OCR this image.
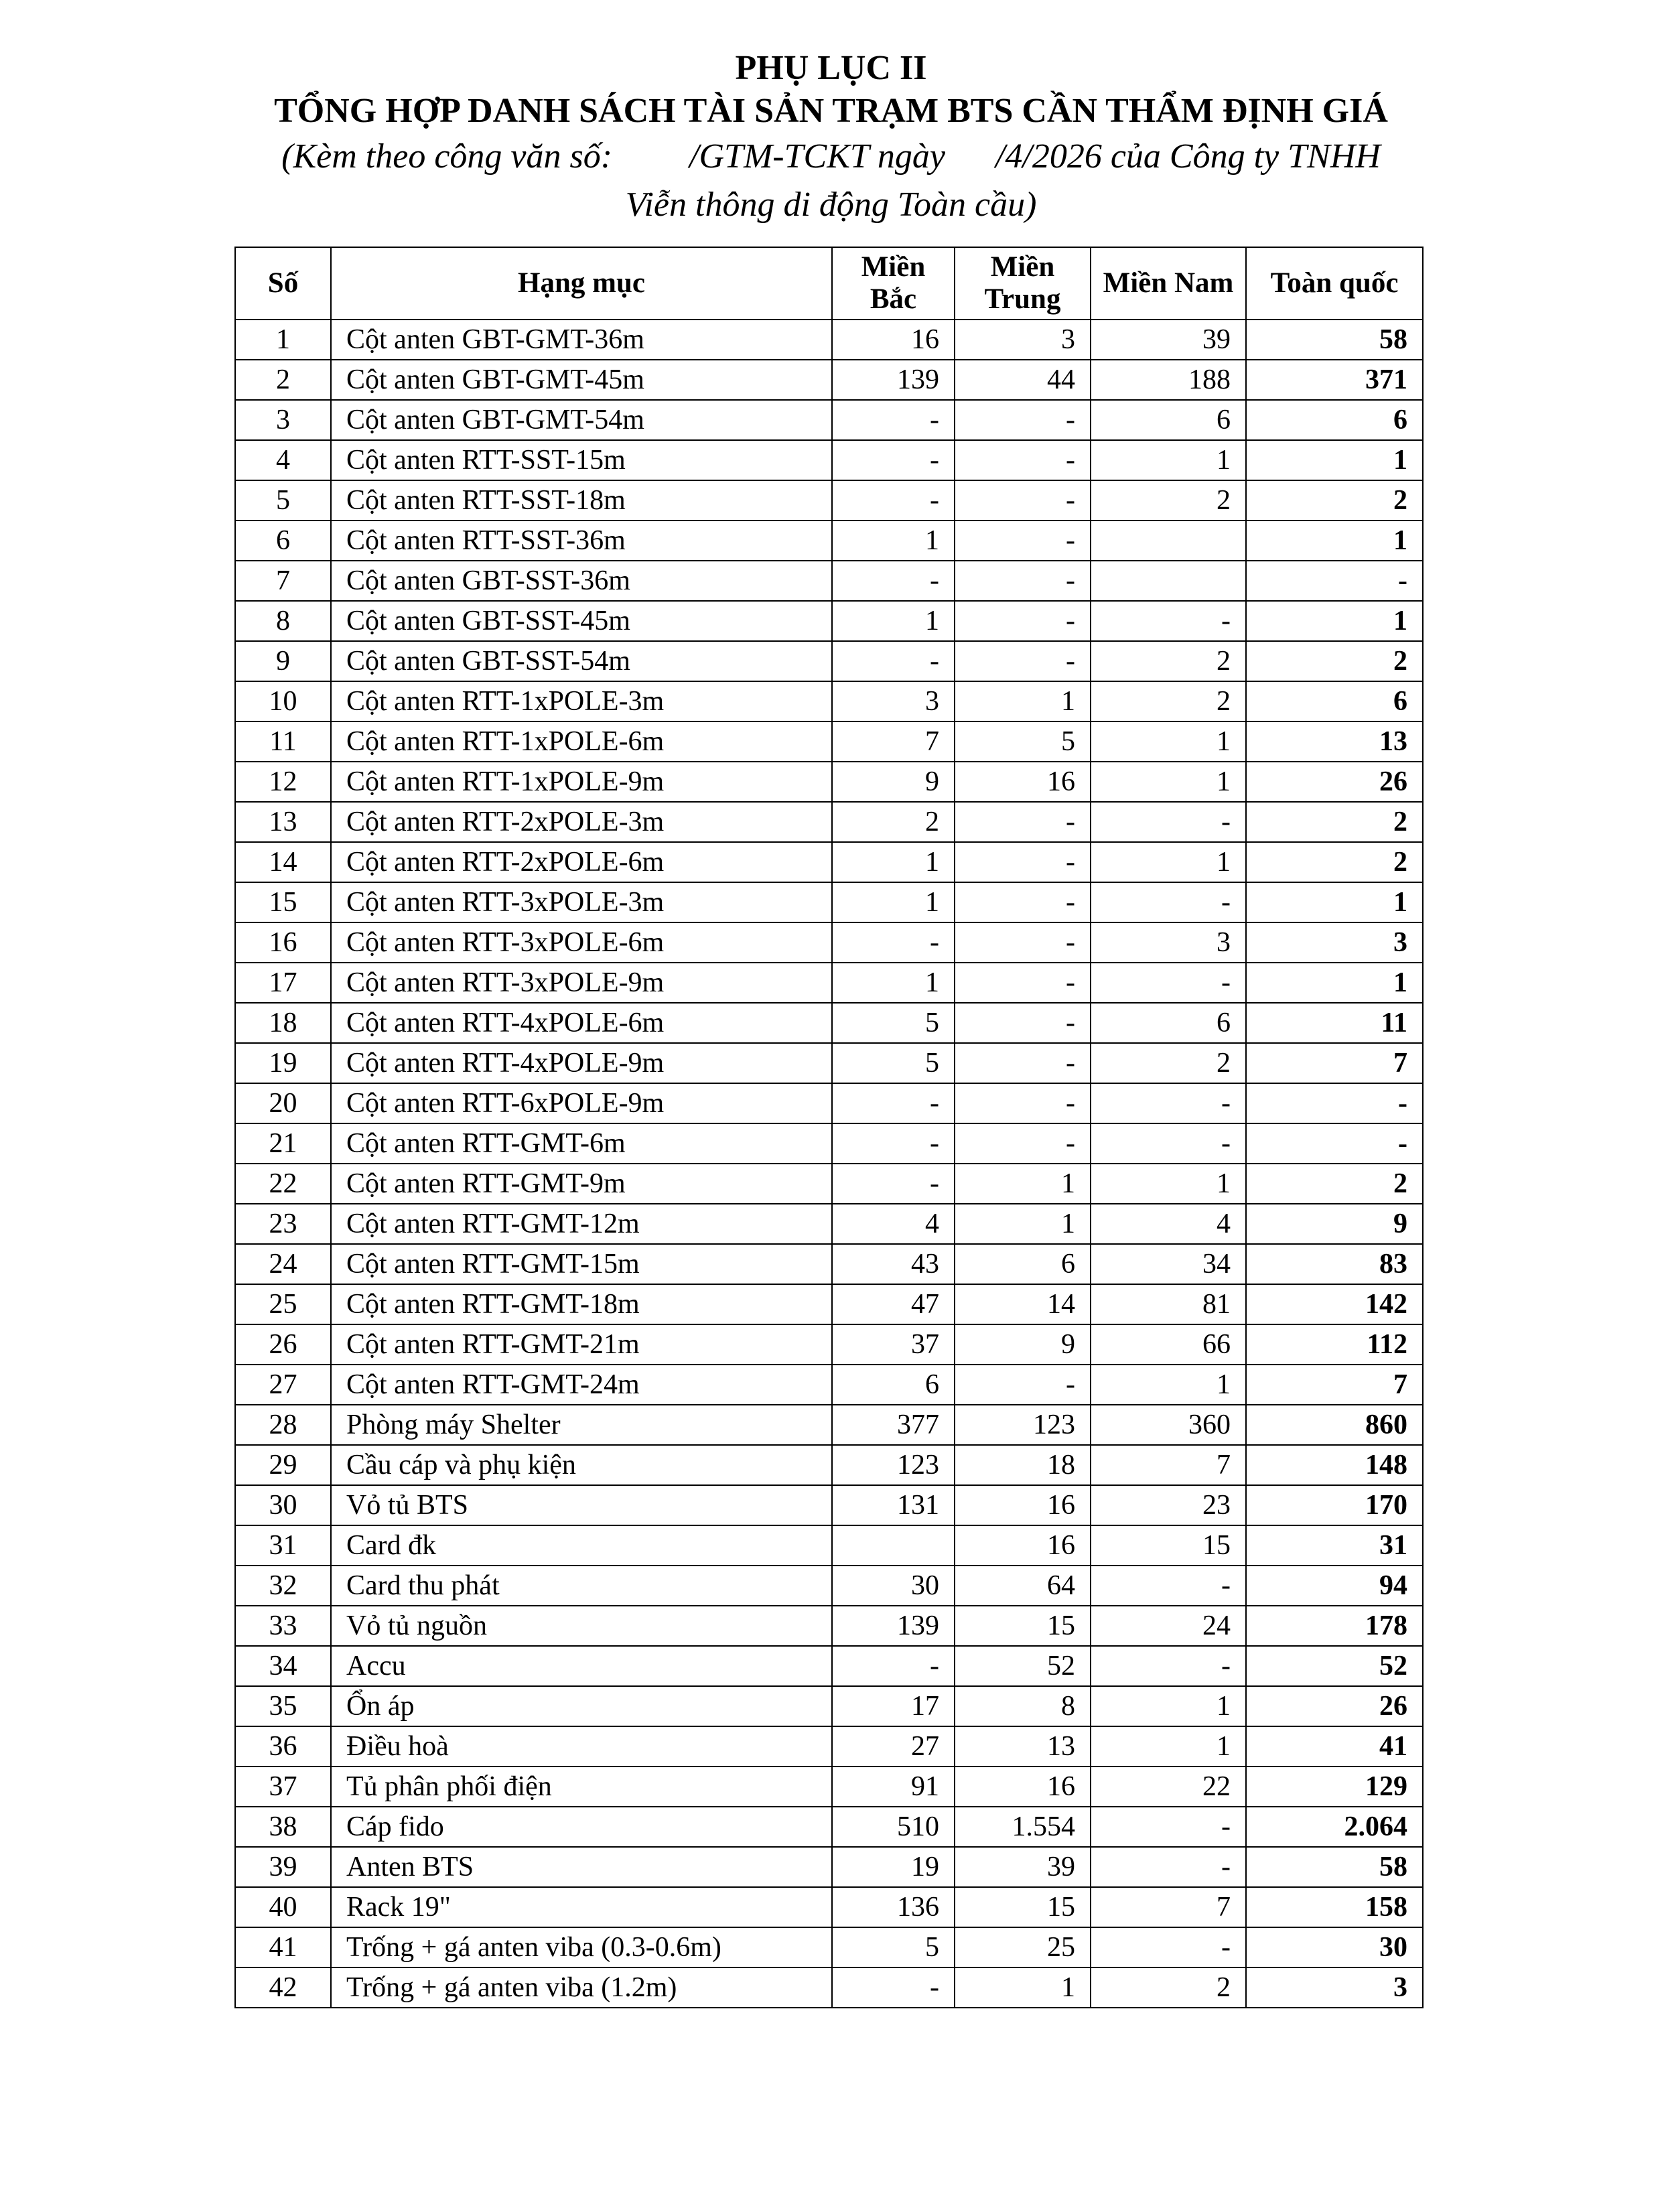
PHỤ LỤC II
TỔNG HỢP DANH SÁCH TÀI SẢN TRẠM BTS CẦN THẨM ĐỊNH GIÁ
(Kèm theo công văn số: /GTM-TCKT ngày /4/2026 của Công ty TNHH
Viễn thông di động Toàn cầu)
Số	Hạng mục	Miền Bắc	Miền Trung	Miền Nam	Toàn quốc
1	Cột anten GBT-GMT-36m	16	3	39	58
2	Cột anten GBT-GMT-45m	139	44	188	371
3	Cột anten GBT-GMT-54m	-	-	6	6
4	Cột anten RTT-SST-15m	-	-	1	1
5	Cột anten RTT-SST-18m	-	-	2	2
6	Cột anten RTT-SST-36m	1	-		1
7	Cột anten GBT-SST-36m	-	-		-
8	Cột anten GBT-SST-45m	1	-	-	1
9	Cột anten GBT-SST-54m	-	-	2	2
10	Cột anten RTT-1xPOLE-3m	3	1	2	6
11	Cột anten RTT-1xPOLE-6m	7	5	1	13
12	Cột anten RTT-1xPOLE-9m	9	16	1	26
13	Cột anten RTT-2xPOLE-3m	2	-	-	2
14	Cột anten RTT-2xPOLE-6m	1	-	1	2
15	Cột anten RTT-3xPOLE-3m	1	-	-	1
16	Cột anten RTT-3xPOLE-6m	-	-	3	3
17	Cột anten RTT-3xPOLE-9m	1	-	-	1
18	Cột anten RTT-4xPOLE-6m	5	-	6	11
19	Cột anten RTT-4xPOLE-9m	5	-	2	7
20	Cột anten RTT-6xPOLE-9m	-	-	-	-
21	Cột anten RTT-GMT-6m	-	-	-	-
22	Cột anten RTT-GMT-9m	-	1	1	2
23	Cột anten RTT-GMT-12m	4	1	4	9
24	Cột anten RTT-GMT-15m	43	6	34	83
25	Cột anten RTT-GMT-18m	47	14	81	142
26	Cột anten RTT-GMT-21m	37	9	66	112
27	Cột anten RTT-GMT-24m	6	-	1	7
28	Phòng máy Shelter	377	123	360	860
29	Cầu cáp và phụ kiện	123	18	7	148
30	Vỏ tủ BTS	131	16	23	170
31	Card đk		16	15	31
32	Card thu phát	30	64	-	94
33	Vỏ tủ nguồn	139	15	24	178
34	Accu	-	52	-	52
35	Ổn áp	17	8	1	26
36	Điều hoà	27	13	1	41
37	Tủ phân phối điện	91	16	22	129
38	Cáp fido	510	1.554	-	2.064
39	Anten BTS	19	39	-	58
40	Rack 19"	136	15	7	158
41	Trống + gá anten viba (0.3-0.6m)	5	25	-	30
42	Trống + gá anten viba (1.2m)	-	1	2	3
